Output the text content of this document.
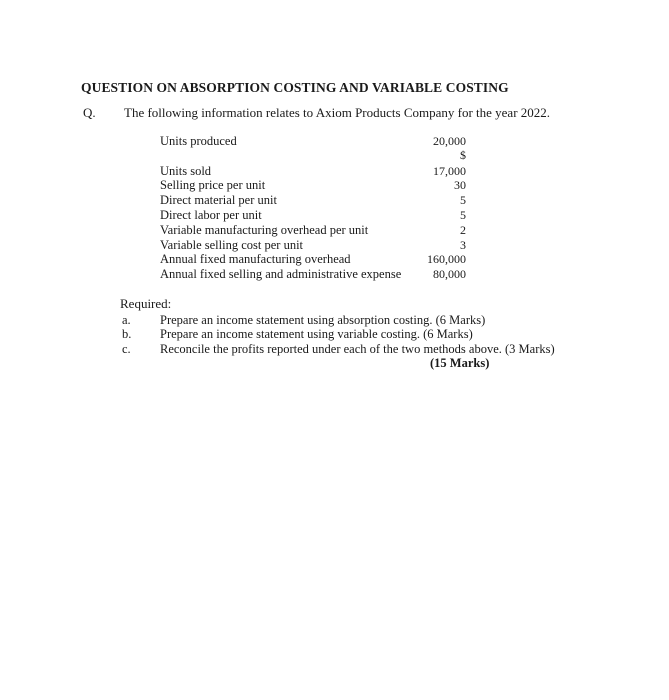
QUESTION ON ABSORPTION COSTING AND VARIABLE COSTING
Q. The following information relates to Axiom Products Company for the year 2022.
Units produced	20,000
$
Units sold	17,000
Selling price per unit	30
Direct material per unit	5
Direct labor per unit	5
Variable manufacturing overhead per unit	2
Variable selling cost per unit	3
Annual fixed manufacturing overhead	160,000
Annual fixed selling and administrative expense	80,000
Required:
a. Prepare an income statement using absorption costing. (6 Marks)
b. Prepare an income statement using variable costing. (6 Marks)
c. Reconcile the profits reported under each of the two methods above. (3 Marks)
(15 Marks)
